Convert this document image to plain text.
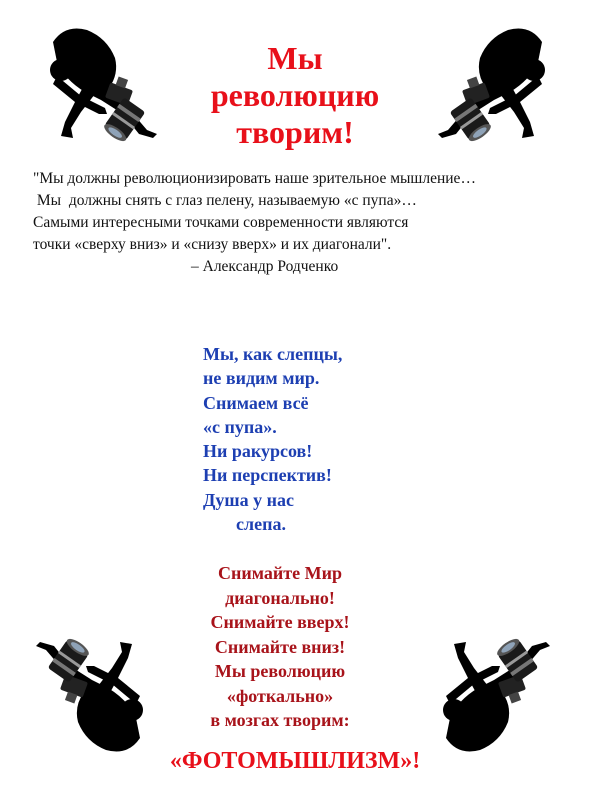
Мы
революцию
творим!
"Мы должны революционизировать наше зрительное мышление…
Мы  должны снять с глаз пелену, называемую «с пупа»…
Самыми интересными точками современности являются
точки «сверху вниз» и «снизу вверх» и их диагонали".
– Александр Родченко
Мы, как слепцы,
не видим мир.
Снимаем всё
«с пупа».
Ни ракурсов!
Ни перспектив!
Душа у нас
слепа.
Снимайте Мир
диагонально!
Снимайте вверх!
Снимайте вниз!
Мы революцию
«фоткально»
в мозгах творим:
«ФОТОМЫШЛИЗМ»!
